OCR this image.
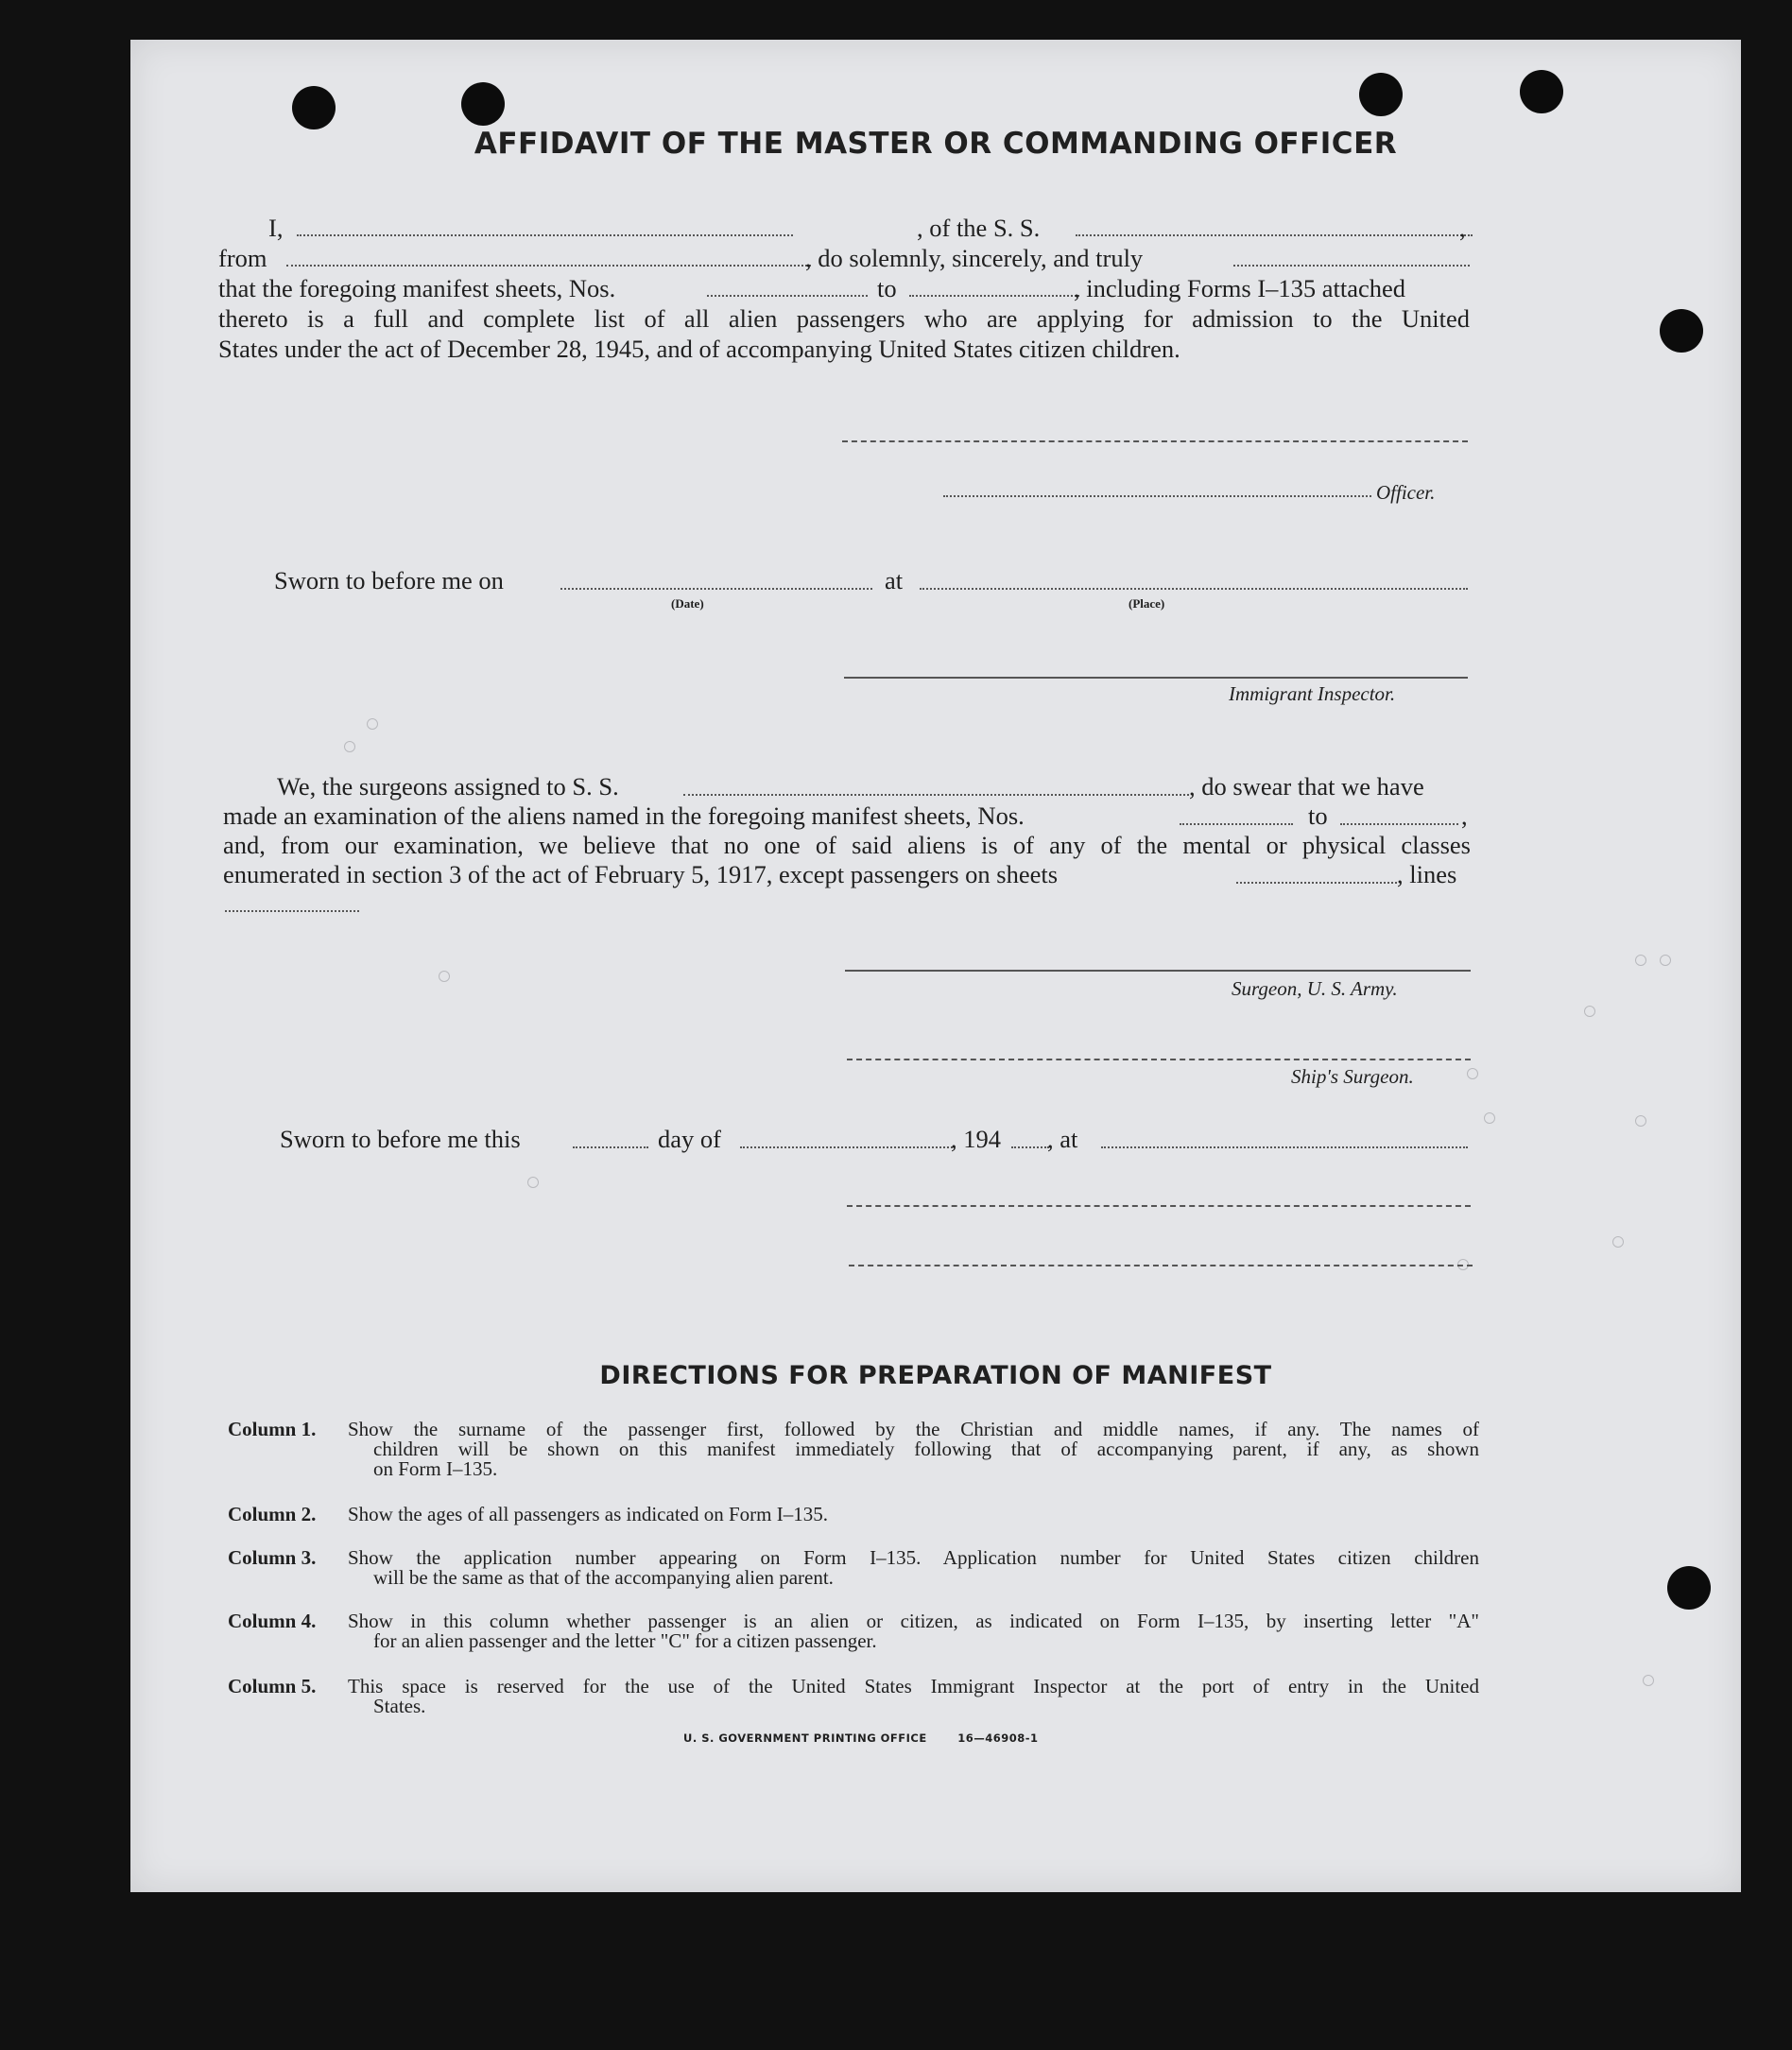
AFFIDAVIT OF THE MASTER OR COMMANDING OFFICER
I,	, of the S. S.	,
from	, do solemnly, sincerely, and truly
that the foregoing manifest sheets, Nos.	to	, including Forms I–135 attached
thereto is a full and complete list of all alien passengers who are applying for admission to the United
States under the act of December 28, 1945, and of accompanying United States citizen children.
Officer.
Sworn to before me on
(Date)
at
(Place)
Immigrant Inspector.
We, the surgeons assigned to S. S.	, do swear that we have
made an examination of the aliens named in the foregoing manifest sheets, Nos.	to	,
and, from our examination, we believe that no one of said aliens is of any of the mental or physical classes
enumerated in section 3 of the act of February 5, 1917, except passengers on sheets	, lines
Surgeon, U. S. Army.
Ship's Surgeon.
Sworn to before me this	day of	, 194 , at
DIRECTIONS FOR PREPARATION OF MANIFEST
Column 1. Show the surname of the passenger first, followed by the Christian and middle names, if any. The names of
children will be shown on this manifest immediately following that of accompanying parent, if any, as shown
on Form I–135.
Column 2. Show the ages of all passengers as indicated on Form I–135.
Column 3. Show the application number appearing on Form I–135. Application number for United States citizen children
will be the same as that of the accompanying alien parent.
Column 4. Show in this column whether passenger is an alien or citizen, as indicated on Form I–135, by inserting letter "A"
for an alien passenger and the letter "C" for a citizen passenger.
Column 5. This space is reserved for the use of the United States Immigrant Inspector at the port of entry in the United
States.
U. S. GOVERNMENT PRINTING OFFICE	16—46908-1
